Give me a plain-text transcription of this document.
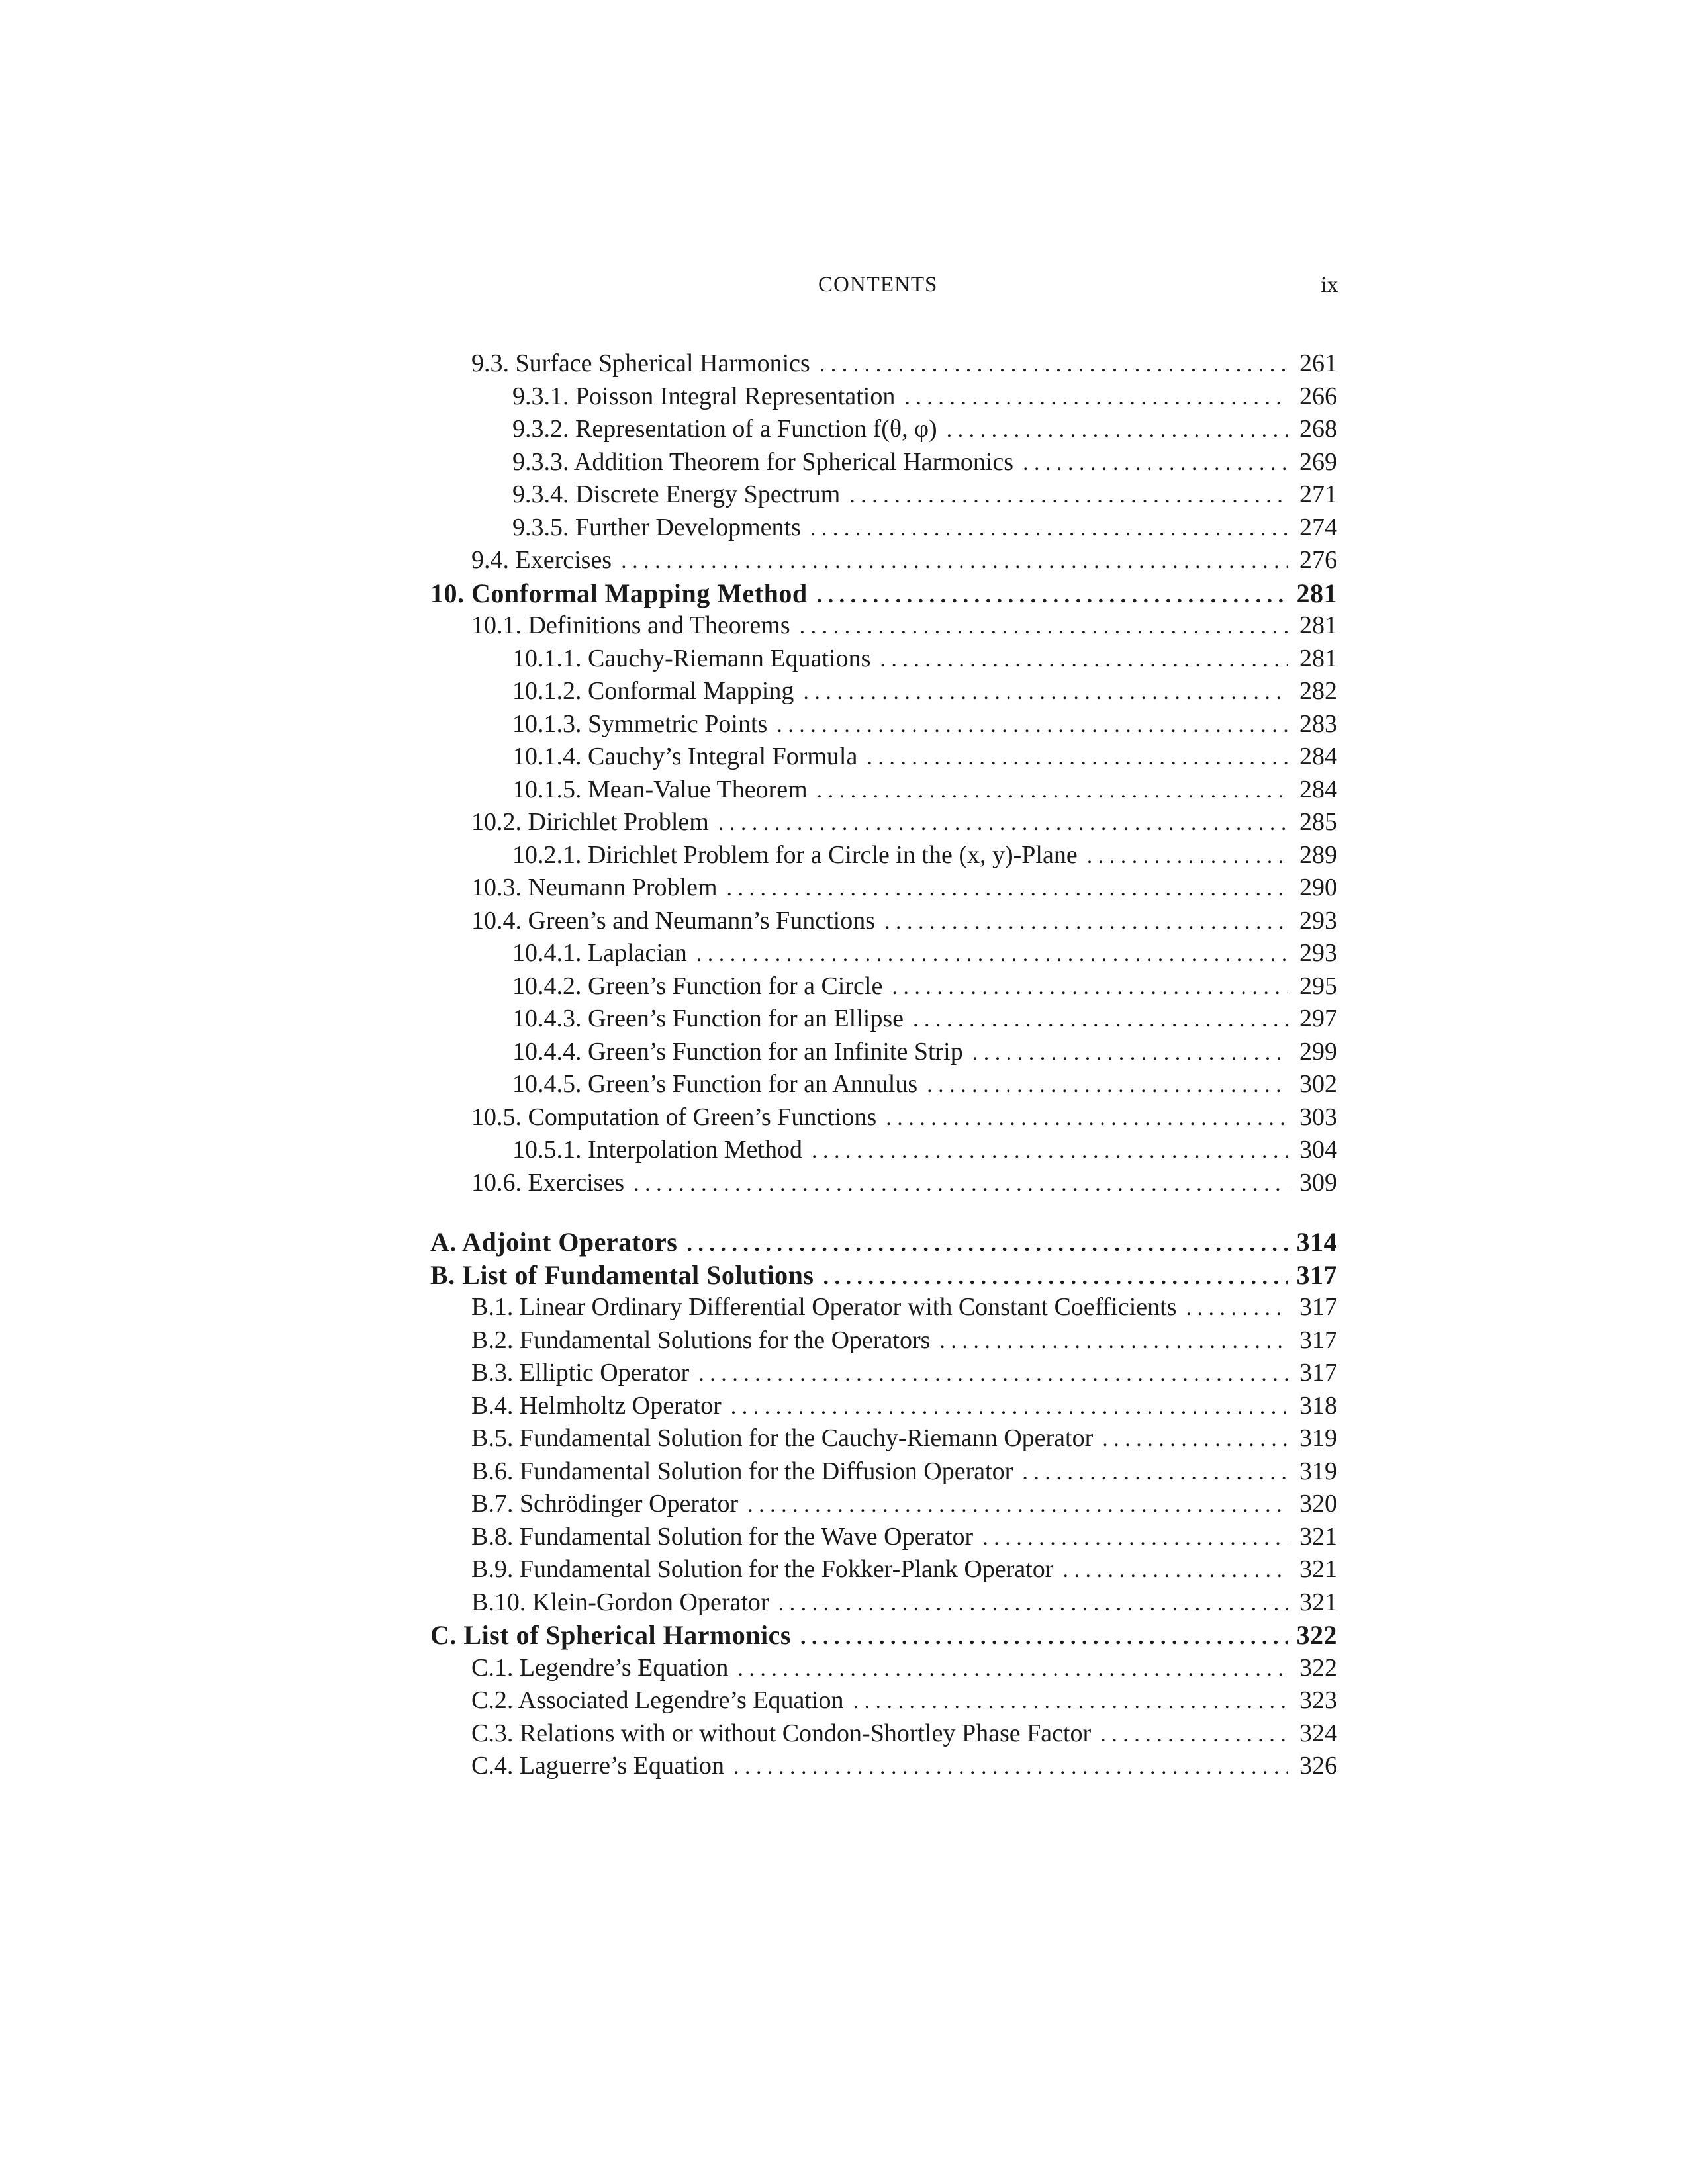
CONTENTS	ix
9.3. Surface Spherical Harmonics . . .	261
9.3.1. Poisson Integral Representation . . .	266
9.3.2. Representation of a Function f(θ, φ) . . .	268
9.3.3. Addition Theorem for Spherical Harmonics . . .	269
9.3.4. Discrete Energy Spectrum . . .	271
9.3.5. Further Developments . . .	274
9.4. Exercises . . .	276
10. Conformal Mapping Method . . .	281
10.1. Definitions and Theorems . . .	281
10.1.1. Cauchy-Riemann Equations . . .	281
10.1.2. Conformal Mapping . . .	282
10.1.3. Symmetric Points . . .	283
10.1.4. Cauchy’s Integral Formula . . .	284
10.1.5. Mean-Value Theorem . . .	284
10.2. Dirichlet Problem . . .	285
10.2.1. Dirichlet Problem for a Circle in the (x, y)-Plane . . .	289
10.3. Neumann Problem . . .	290
10.4. Green’s and Neumann’s Functions . . .	293
10.4.1. Laplacian . . .	293
10.4.2. Green’s Function for a Circle . . .	295
10.4.3. Green’s Function for an Ellipse . . .	297
10.4.4. Green’s Function for an Infinite Strip . . .	299
10.4.5. Green’s Function for an Annulus . . .	302
10.5. Computation of Green’s Functions . . .	303
10.5.1. Interpolation Method . . .	304
10.6. Exercises . . .	309
A. Adjoint Operators . . .	314
B. List of Fundamental Solutions . . .	317
B.1. Linear Ordinary Differential Operator with Constant Coefficients . . .	317
B.2. Fundamental Solutions for the Operators . . .	317
B.3. Elliptic Operator . . .	317
B.4. Helmholtz Operator . . .	318
B.5. Fundamental Solution for the Cauchy-Riemann Operator . . .	319
B.6. Fundamental Solution for the Diffusion Operator . . .	319
B.7. Schrödinger Operator . . .	320
B.8. Fundamental Solution for the Wave Operator . . .	321
B.9. Fundamental Solution for the Fokker-Plank Operator . . .	321
B.10. Klein-Gordon Operator . . .	321
C. List of Spherical Harmonics . . .	322
C.1. Legendre’s Equation . . .	322
C.2. Associated Legendre’s Equation . . .	323
C.3. Relations with or without Condon-Shortley Phase Factor . . .	324
C.4. Laguerre’s Equation . . .	326
